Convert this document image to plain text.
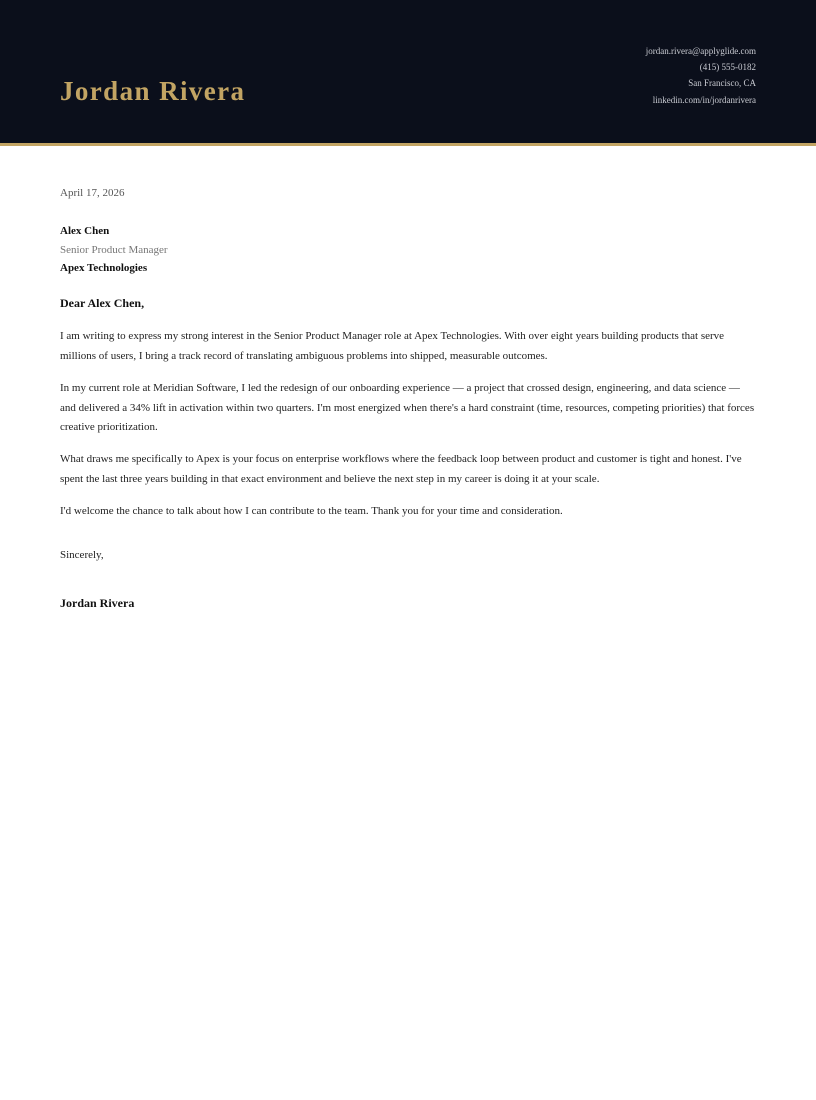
Jordan Rivera
jordan.rivera@applyglide.com
(415) 555-0182
San Francisco, CA
linkedin.com/in/jordanrivera
April 17, 2026
Alex Chen
Senior Product Manager
Apex Technologies
Dear Alex Chen,

I am writing to express my strong interest in the Senior Product Manager role at Apex Technologies. With over eight years building products that serve millions of users, I bring a track record of translating ambiguous problems into shipped, measurable outcomes.

In my current role at Meridian Software, I led the redesign of our onboarding experience — a project that crossed design, engineering, and data science — and delivered a 34% lift in activation within two quarters. I'm most energized when there's a hard constraint (time, resources, competing priorities) that forces creative prioritization.

What draws me specifically to Apex is your focus on enterprise workflows where the feedback loop between product and customer is tight and honest. I've spent the last three years building in that exact environment and believe the next step in my career is doing it at your scale.

I'd welcome the chance to talk about how I can contribute to the team. Thank you for your time and consideration.

Sincerely,
Jordan Rivera
